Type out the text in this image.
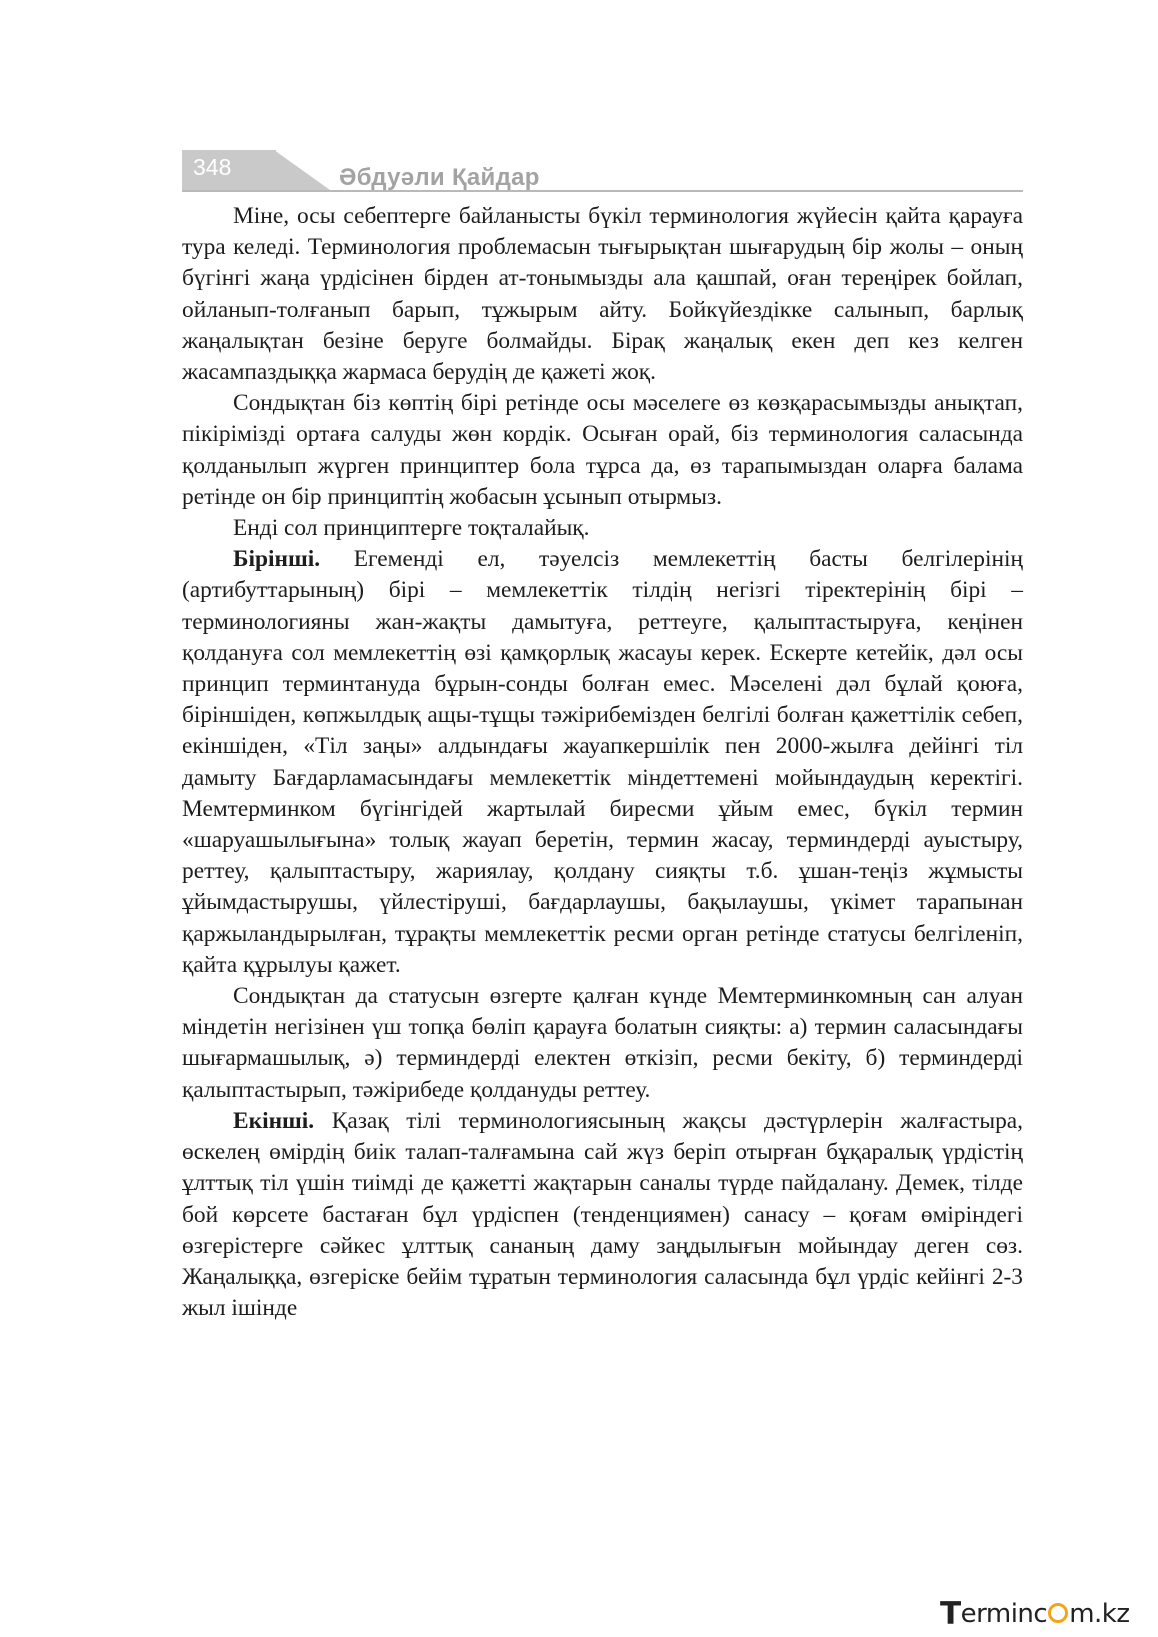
348	Әбдуәли Қайдар

Міне, осы себептерге байланысты бүкіл терминология жүйесін қайта қарауға тура келеді. Терминология проблемасын тығырықтан шығарудың бір жолы – оның бүгінгі жаңа үрдісінен бірден ат-тонымызды ала қашпай, оған тереңірек бойлап, ойланып-толғанып барып, тұжырым айту. Бойкүйездікке салынып, барлық жаңалықтан безіне беруге болмайды. Бірақ жаңалық екен деп кез келген жасампаздыққа жармаса берудің де қажеті жоқ.

Сондықтан біз көптің бірі ретінде осы мәселеге өз көзқарасымызды анықтап, пікірімізді ортаға салуды жөн кордік. Осыған орай, біз терминология саласында қолданылып жүрген принциптер бола тұрса да, өз тарапымыздан оларға балама ретінде он бір принциптің жобасын ұсынып отырмыз.

Енді сол принциптерге тоқталайық.

Бірінші. Егеменді ел, тәуелсіз мемлекеттің басты белгілерінің (артибуттарының) бірі – мемлекеттік тілдің негізгі тіректерінің бірі – терминологияны жан-жақты дамытуға, реттеуге, қалыптастыруға, кеңінен қолдануға сол мемлекеттің өзі қамқорлық жасауы керек. Ескерте кетейік, дәл осы принцип терминтануда бұрын-сонды болған емес. Мәселені дәл бұлай қоюға, біріншіден, көпжылдық ащы-тұщы тәжірибемізден белгілі болған қажеттілік себеп, екіншіден, «Тіл заңы» алдындағы жауапкершілік пен 2000-жылға дейінгі тіл дамыту Бағдарламасындағы мемлекеттік міндеттемені мойындаудың керектігі. Мемтерминком бүгінгідей жартылай биресми ұйым емес, бүкіл термин «шаруашылығына» толық жауап беретін, термин жасау, терминдерді ауыстыру, реттеу, қалыптастыру, жариялау, қолдану сияқты т.б. ұшан-теңіз жұмысты ұйымдастырушы, үйлестіруші, бағдарлаушы, бақылаушы, үкімет тарапынан қаржыландырылған, тұрақты мемлекеттік ресми орган ретінде статусы белгіленіп, қайта құрылуы қажет.

Сондықтан да статусын өзгерте қалған күнде Мемтерминкомның сан алуан міндетін негізінен үш топқа бөліп қарауға болатын сияқты: а) термин саласындағы шығармашылық, ә) терминдерді електен өткізіп, ресми бекіту, б) терминдерді қалыптастырып, тәжірибеде қолдануды реттеу.

Екінші. Қазақ тілі терминологиясының жақсы дәстүрлерін жалғастыра, өскелең өмірдің биік талап-талғамына сай жүз беріп отырған бұқаралық үрдістің ұлттық тіл үшін тиімді де қажетті жақтарын саналы түрде пайдалану. Демек, тілде бой көрсете бастаған бұл үрдіспен (тенденциямен) санасу – қоғам өміріндегі өзгерістерге сәйкес ұлттық сананың даму заңдылығын мойындау деген сөз. Жаңалыққа, өзгеріске бейім тұратын терминология саласында бұл үрдіс кейінгі 2-3 жыл ішінде

Terminc m.kz
